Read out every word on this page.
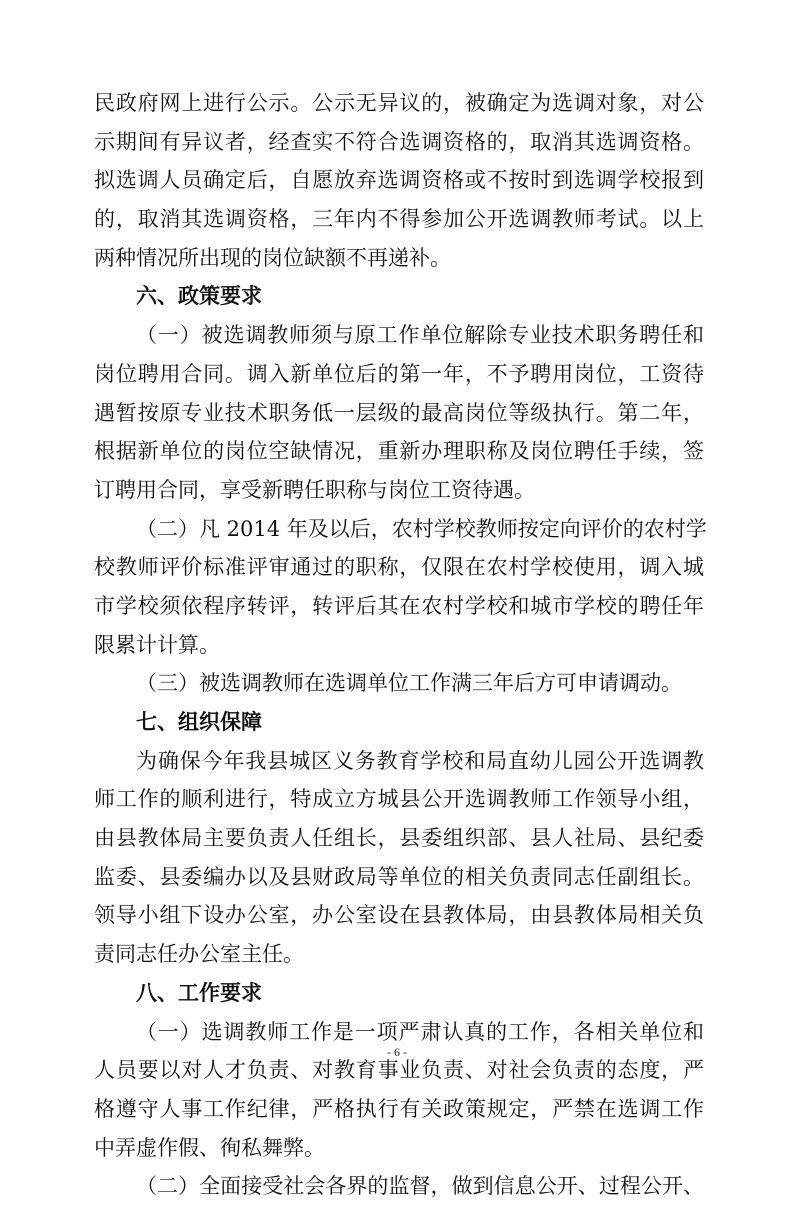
民政府网上进行公示。公示无异议的，被确定为选调对象，对公
示期间有异议者，经查实不符合选调资格的，取消其选调资格。
拟选调人员确定后，自愿放弃选调资格或不按时到选调学校报到
的，取消其选调资格，三年内不得参加公开选调教师考试。以上
两种情况所出现的岗位缺额不再递补。
六、政策要求
（一）被选调教师须与原工作单位解除专业技术职务聘任和
岗位聘用合同。调入新单位后的第一年，不予聘用岗位，工资待
遇暂按原专业技术职务低一层级的最高岗位等级执行。第二年，
根据新单位的岗位空缺情况，重新办理职称及岗位聘任手续，签
订聘用合同，享受新聘任职称与岗位工资待遇。
（二）凡 2014 年及以后，农村学校教师按定向评价的农村学
校教师评价标准评审通过的职称，仅限在农村学校使用，调入城
市学校须依程序转评，转评后其在农村学校和城市学校的聘任年
限累计计算。
（三）被选调教师在选调单位工作满三年后方可申请调动。
七、组织保障
为确保今年我县城区义务教育学校和局直幼儿园公开选调教
师工作的顺利进行，特成立方城县公开选调教师工作领导小组，
由县教体局主要负责人任组长，县委组织部、县人社局、县纪委
监委、县委编办以及县财政局等单位的相关负责同志任副组长。
领导小组下设办公室，办公室设在县教体局，由县教体局相关负
责同志任办公室主任。
八、工作要求
（一）选调教师工作是一项严肃认真的工作，各相关单位和
人员要以对人才负责、对教育事业负责、对社会负责的态度，严
格遵守人事工作纪律，严格执行有关政策规定，严禁在选调工作
中弄虚作假、徇私舞弊。
（二）全面接受社会各界的监督，做到信息公开、过程公开、
- 6 -
